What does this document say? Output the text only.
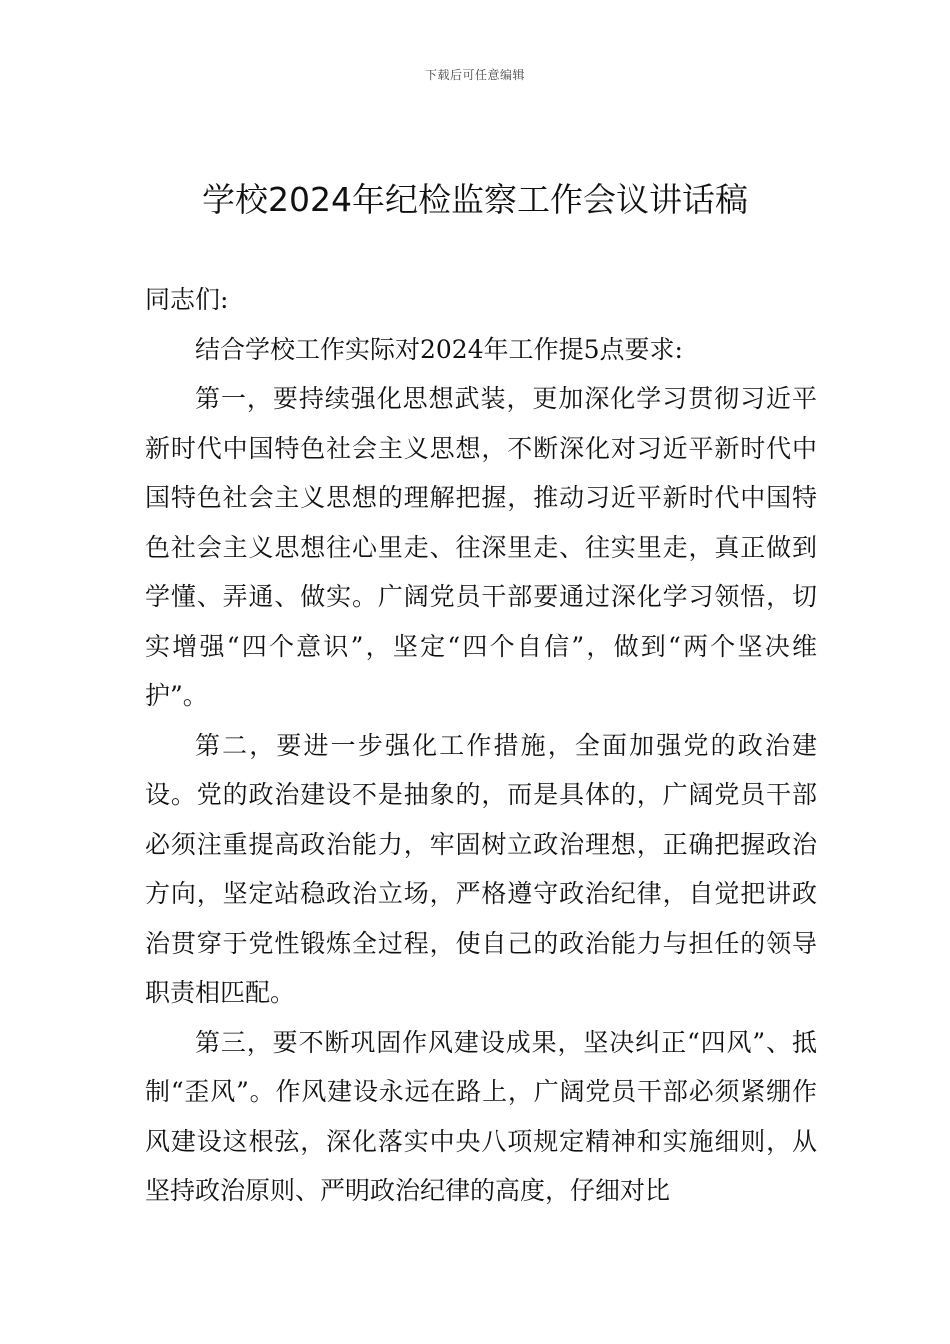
下载后可任意编辑
学校2024年纪检监察工作会议讲话稿

同志们:

结合学校工作实际对2024年工作提5点要求:

第一，要持续强化思想武装，更加深化学习贯彻习近平新时代中国特色社会主义思想，不断深化对习近平新时代中国特色社会主义思想的理解把握，推动习近平新时代中国特色社会主义思想往心里走、往深里走、往实里走，真正做到学懂、弄通、做实。广阔党员干部要通过深化学习领悟，切实增强“四个意识”，坚定“四个自信”，做到“两个坚决维护”。

第二，要进一步强化工作措施，全面加强党的政治建设。党的政治建设不是抽象的，而是具体的，广阔党员干部必须注重提高政治能力，牢固树立政治理想，正确把握政治方向，坚定站稳政治立场，严格遵守政治纪律，自觉把讲政治贯穿于党性锻炼全过程，使自己的政治能力与担任的领导职责相匹配。

第三，要不断巩固作风建设成果，坚决纠正“四风”、抵制“歪风”。作风建设永远在路上，广阔党员干部必须紧绷作风建设这根弦，深化落实中央八项规定精神和实施细则，从坚持政治原则、严明政治纪律的高度，仔细对比
